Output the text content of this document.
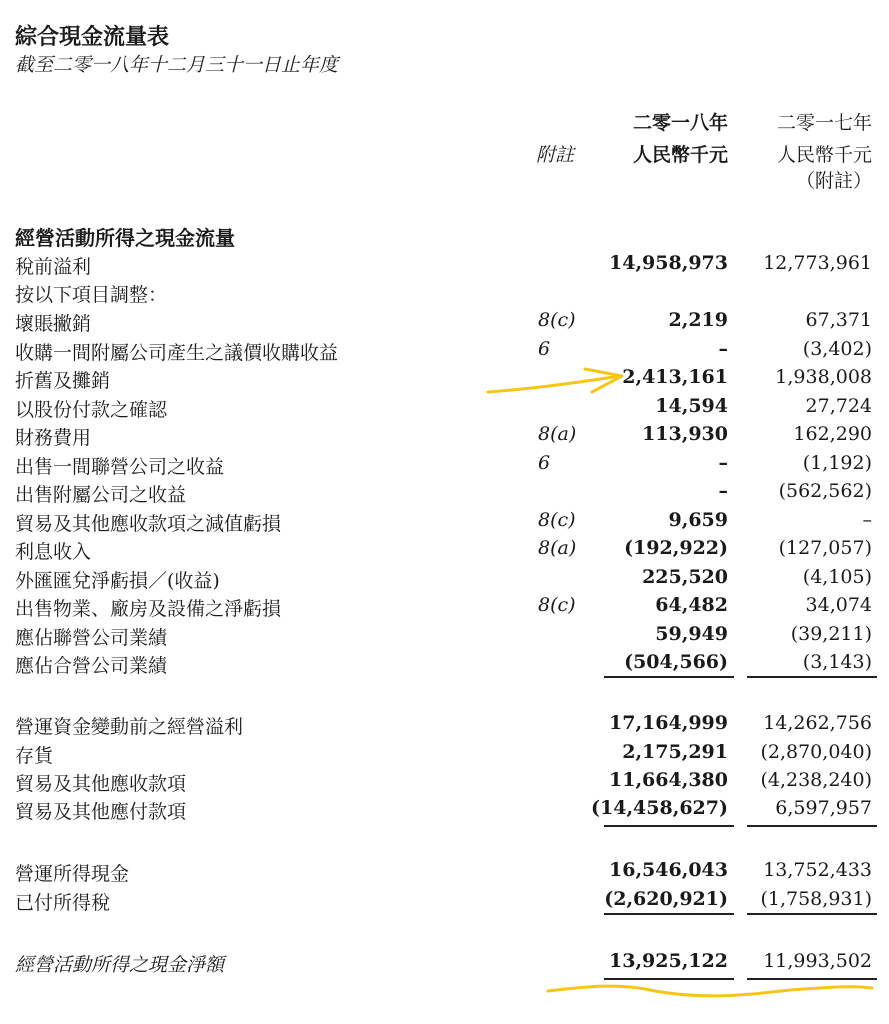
綜合現金流量表
截至二零一八年十二月三十一日止年度
二零一八年	二零一七年
附註	人民幣千元	人民幣千元
（附註）
經營活動所得之現金流量
稅前溢利	14,958,973 12,773,961
按以下項目調整：
壞賬撇銷	8(c)	2,219	67,371
收購一間附屬公司產生之議價收購收益	6	–	(3,402)
折舊及攤銷	2,413,161 1,938,008
以股份付款之確認	14,594	27,724
財務費用	8(a)	113,930	162,290
出售一間聯營公司之收益	6	–	(1,192)
出售附屬公司之收益	–	(562,562)
貿易及其他應收款項之減值虧損	8(c)	9,659	–
利息收入	8(a)	(192,922)	(127,057)
外匯匯兌淨虧損／(收益)	225,520	(4,105)
出售物業、廠房及設備之淨虧損	8(c)	64,482	34,074
應佔聯營公司業績	59,949	(39,211)
應佔合營公司業績	(504,566)	(3,143)
營運資金變動前之經營溢利	17,164,999 14,262,756
存貨	2,175,291 (2,870,040)
貿易及其他應收款項	11,664,380 (4,238,240)
貿易及其他應付款項	(14,458,627) 6,597,957
營運所得現金	16,546,043 13,752,433
已付所得稅	(2,620,921) (1,758,931)
經營活動所得之現金淨額	13,925,122 11,993,502
